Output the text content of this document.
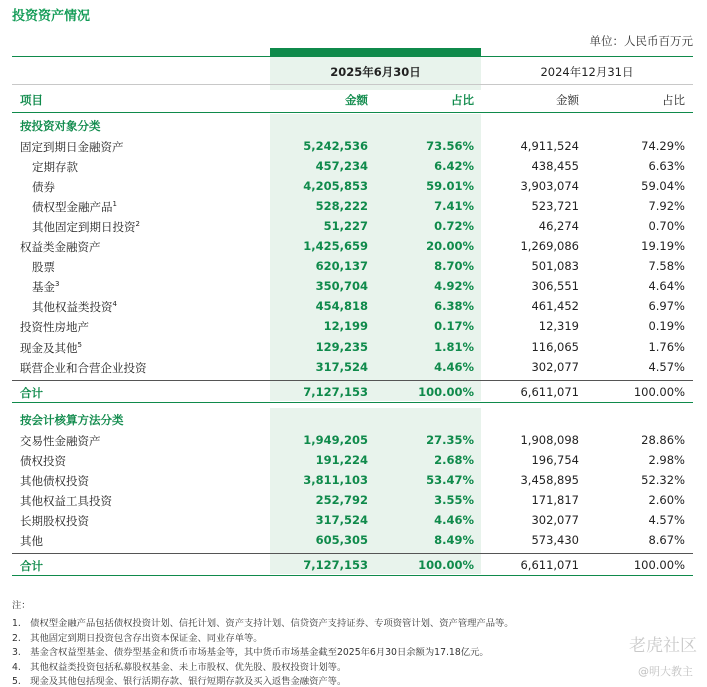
投资资产情况
单位：人民币百万元
2025年6月30日	2024年12月31日
项目	金额	占比	金额	占比
按投资对象分类
固定到期日金融资产	5,242,536	73.56%	4,911,524	74.29%
定期存款	457,234	6.42%	438,455	6.63%
债券	4,205,853	59.01%	3,903,074	59.04%
债权型金融产品$^1$	528,222	7.41%	523,721	7.92%
其他固定到期日投资$^2$	51,227	0.72%	46,274	0.70%
权益类金融资产	1,425,659	20.00%	1,269,086	19.19%
股票	620,137	8.70%	501,083	7.58%
基金$^3$	350,704	4.92%	306,551	4.64%
其他权益类投资$^4$	454,818	6.38%	461,452	6.97%
投资性房地产	12,199	0.17%	12,319	0.19%
现金及其他$^5$	129,235	1.81%	116,065	1.76%
联营企业和合营企业投资	317,524	4.46%	302,077	4.57%
合计	7,127,153	100.00%	6,611,071	100.00%
按会计核算方法分类
交易性金融资产	1,949,205	27.35%	1,908,098	28.86%
债权投资	191,224	2.68%	196,754	2.98%
其他债权投资	3,811,103	53.47%	3,458,895	52.32%
其他权益工具投资	252,792	3.55%	171,817	2.60%
长期股权投资	317,524	4.46%	302,077	4.57%
其他	605,305	8.49%	573,430	8.67%
合计	7,127,153	100.00%	6,611,071	100.00%
注：
1.　债权型金融产品包括债权投资计划、信托计划、资产支持计划、信贷资产支持证券、专项资管计划、资产管理产品等。
2.　其他固定到期日投资包含存出资本保证金、同业存单等。
3.　基金含权益型基金、债券型基金和货币市场基金等，其中货币市场基金截至2025年6月30日余额为17.18亿元。
4.　其他权益类投资包括私募股权基金、未上市股权、优先股、股权投资计划等。
5.　现金及其他包括现金、银行活期存款、银行短期存款及买入返售金融资产等。
老虎社区
@明大教主
